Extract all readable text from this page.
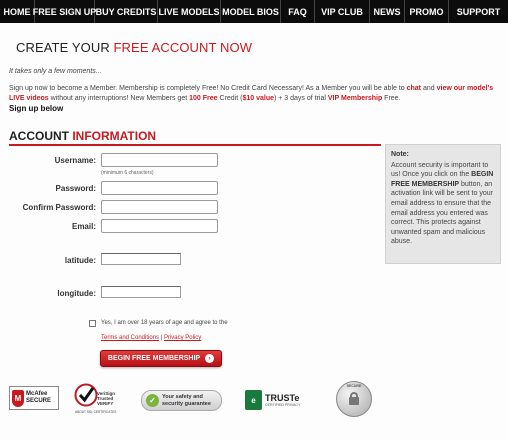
HOME FREE SIGN UP BUY CREDITS LIVE MODELS MODEL BIOS	FAQ	VIP CLUB	NEWS PROMO	SUPPORT
CREATE YOUR FREE ACCOUNT NOW
It takes only a few moments...
Sign up now to become a Member. Membership is completely Free! No Credit Card Necessary! As a Member you will be able to chat and view our model's LIVE videos without any interruptions! New Members get 100 Free Credit ($10 value) + 3 days of trial VIP Membership Free.
Sign up below
ACCOUNT INFORMATION
Username:
(minimum 6 characters)
Password:
Confirm Password:
Email:
latitude:
longitude:
Note:
Account security is important to us! Once you click on the BEGIN FREE MEMBERSHIP button, an activation link will be sent to your email address to ensure that the email address you entered was correct. This protects against unwanted spam and malicious abuse.
Yes, I am over 18 years of age and agree to the
Terms and Conditions | Privacy Policy
BEGIN FREE MEMBERSHIP	›
M McAfee
SECURE
VeriSign
Trusted
VERIFY
ABOUT SSL CERTIFICATES
✓	Your safety and
security guarantee	e	TRUSTe
CERTIFIED PRIVACY
SECURE
